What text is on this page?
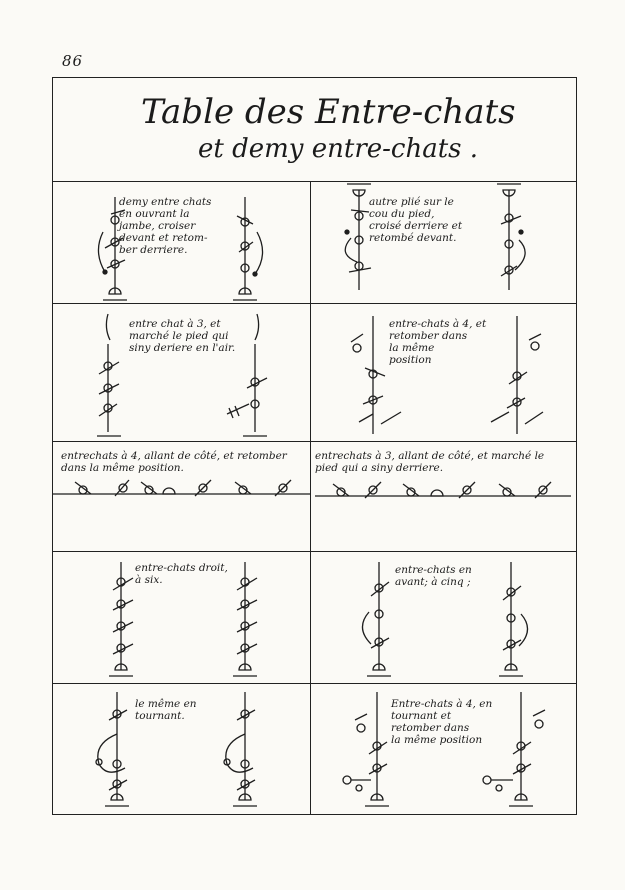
86
Table des Entre-chats
et demy entre-chats .
demy entre chats
en ouvrant la
jambe, croiser
devant et retom-
ber derriere.
autre plié sur le
cou du pied,
croisé derriere et
retombé devant.
entre chat à 3, et
marché le pied qui
siny deriere en l'air.
entre-chats à 4, et
retomber dans
la même
position
entrechats à 4, allant de côté, et retomber
dans la même position.
entrechats à 3, allant de côté, et marché le
pied qui a siny derriere.
entre-chats droit,
à six.
entre-chats en
avant; à cinq ;
le même en
tournant.
Entre-chats à 4, en
tournant et
retomber dans
la même position
